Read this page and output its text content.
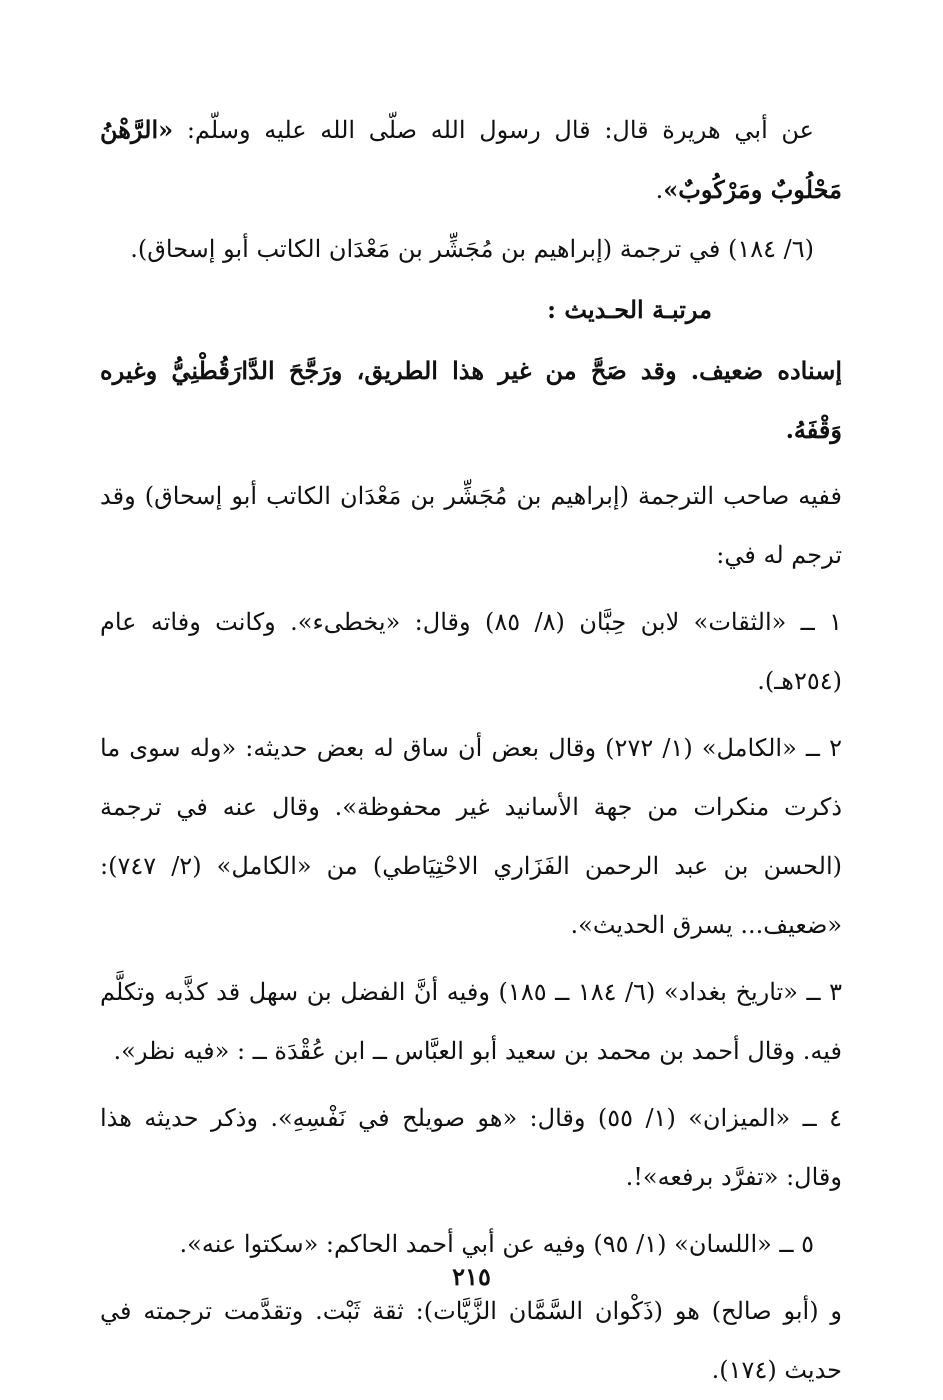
عن أبي هريرة قال: قال رسول الله صلّى الله عليه وسلّم: «الرَّهْنُ مَحْلُوبٌ ومَرْكُوبٌ».

(٦/ ١٨٤) في ترجمة (إبراهيم بن مُجَشِّر بن مَعْدَان الكاتب أبو إسحاق).

مرتبـة الحـديث :

إسناده ضعيف. وقد صَحَّ من غير هذا الطريق، ورَجَّحَ الدَّارَقُطْنِيُّ وغيره وَقْفَهُ.

ففيه صاحب الترجمة (إبراهيم بن مُجَشِّر بن مَعْدَان الكاتب أبو إسحاق) وقد ترجم له في:

١ ــ «الثقات» لابن حِبَّان (٨/ ٨٥) وقال: «يخطىء». وكانت وفاته عام (٢٥٤هـ).

٢ ــ «الكامل» (١/ ٢٧٢) وقال بعض أن ساق له بعض حديثه: «وله سوى ما ذكرت منكرات من جهة الأسانيد غير محفوظة». وقال عنه في ترجمة (الحسن بن عبد الرحمن الفَزَاري الاحْتِيَاطي) من «الكامل» (٢/ ٧٤٧): «ضعيف... يسرق الحديث».

٣ ــ «تاريخ بغداد» (٦/ ١٨٤ ــ ١٨٥) وفيه أنَّ الفضل بن سهل قد كذَّبه وتكلَّم فيه. وقال أحمد بن محمد بن سعيد أبو العبَّاس ــ ابن عُقْدَة ــ : «فيه نظر».

٤ ــ «الميزان» (١/ ٥٥) وقال: «هو صويلح في نَفْسِهِ». وذكر حديثه هذا وقال: «تفرَّد برفعه»!.

٥ ــ «اللسان» (١/ ٩٥) وفيه عن أبي أحمد الحاكم: «سكتوا عنه».

و (أبو صالح) هو (ذَكْوان السَّمَّان الزَّيَّات): ثقة ثَبْت. وتقدَّمت ترجمته في حديث (١٧٤).

٢١٥
